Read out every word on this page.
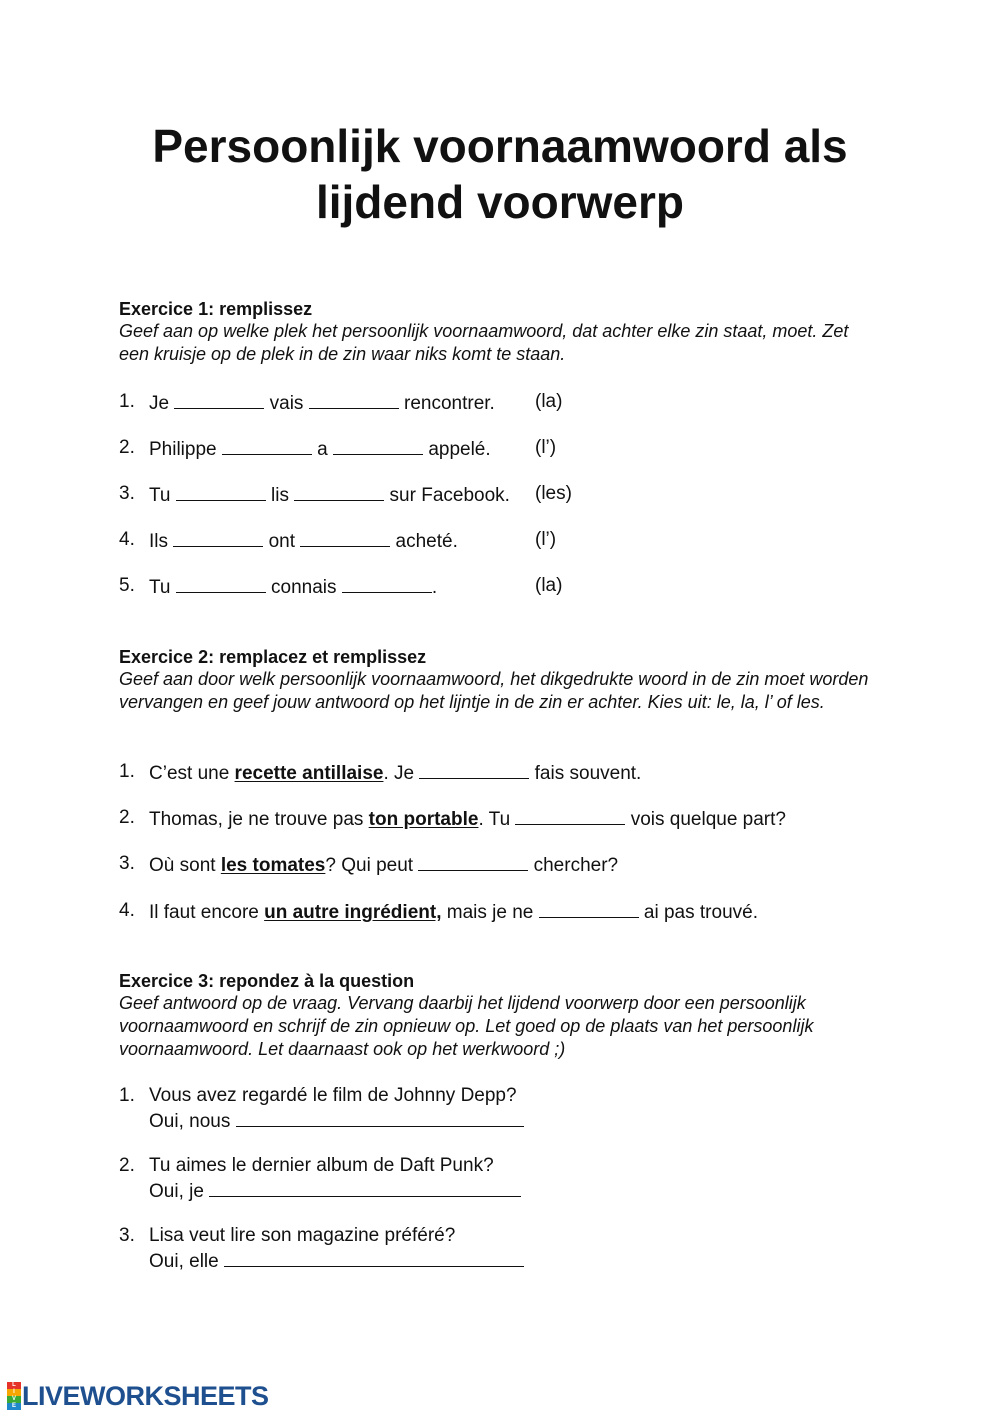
Persoonlijk voornaamwoord als
lijdend voorwerp
Exercice 1: remplissez
Geef aan op welke plek het persoonlijk voornaamwoord, dat achter elke zin staat, moet. Zet een kruisje op de plek in de zin waar niks komt te staan.
1. Je	vais	rencontrer. (la)
2. Philippe	a	appelé. (l’)
3. Tu	lis	sur Facebook. (les)
4. Ils	ont	acheté.	(l’)
5. Tu	connais	.	(la)
Exercice 2: remplacez et remplissez
Geef aan door welk persoonlijk voornaamwoord, het dikgedrukte woord in de zin moet worden vervangen en geef jouw antwoord op het lijntje in de zin er achter. Kies uit: le, la, l’ of les.
1. C’est une recette antillaise. Je	fais souvent.
2. Thomas, je ne trouve pas ton portable. Tu	vois quelque part?
3. Où sont les tomates? Qui peut	chercher?
4. Il faut encore un autre ingrédient, mais je ne	ai pas trouvé.
Exercice 3: repondez à la question
Geef antwoord op de vraag. Vervang daarbij het lijdend voorwerp door een persoonlijk voornaamwoord en schrijf de zin opnieuw op. Let goed op de plaats van het persoonlijk voornaamwoord. Let daarnaast ook op het werkwoord ;)
1. Vous avez regardé le film de Johnny Depp?
Oui, nous
2. Tu aimes le dernier album de Daft Punk?
Oui, je
3. Lisa veut lire son magazine préféré?
Oui, elle
L
I
V
E LIVEWORKSHEETS
